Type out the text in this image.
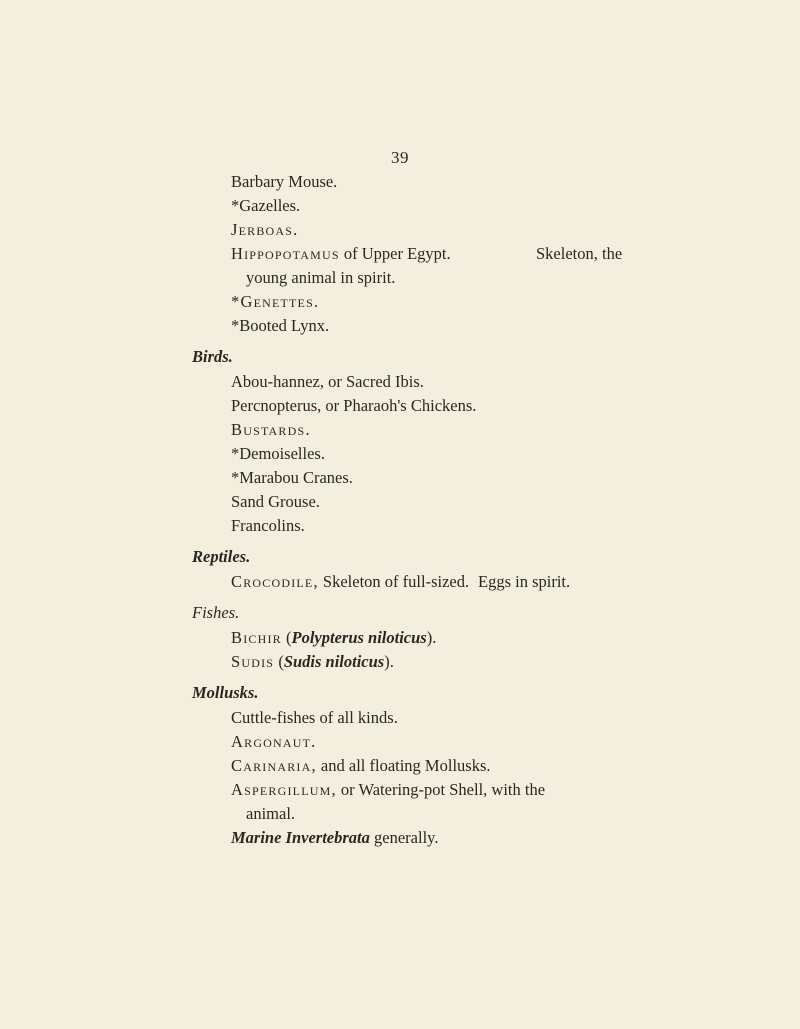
39
Barbary Mouse.
*Gazelles.
Jerboas.
Hippopotamus of Upper Egypt.	Skeleton, the
young animal in spirit.
*Genettes.
*Booted Lynx.
Birds.
Abou-hannez, or Sacred Ibis.
Percnopterus, or Pharaoh's Chickens.
Bustards.
*Demoiselles.
*Marabou Cranes.
Sand Grouse.
Francolins.
Reptiles.
Crocodile, Skeleton of full-sized. Eggs in spirit.
Fishes.
Bichir (Polypterus niloticus).
Sudis (Sudis niloticus).
Mollusks.
Cuttle-fishes of all kinds.
Argonaut.
Carinaria, and all floating Mollusks.
Aspergillum, or Watering-pot Shell, with the
animal.
Marine Invertebrata generally.
